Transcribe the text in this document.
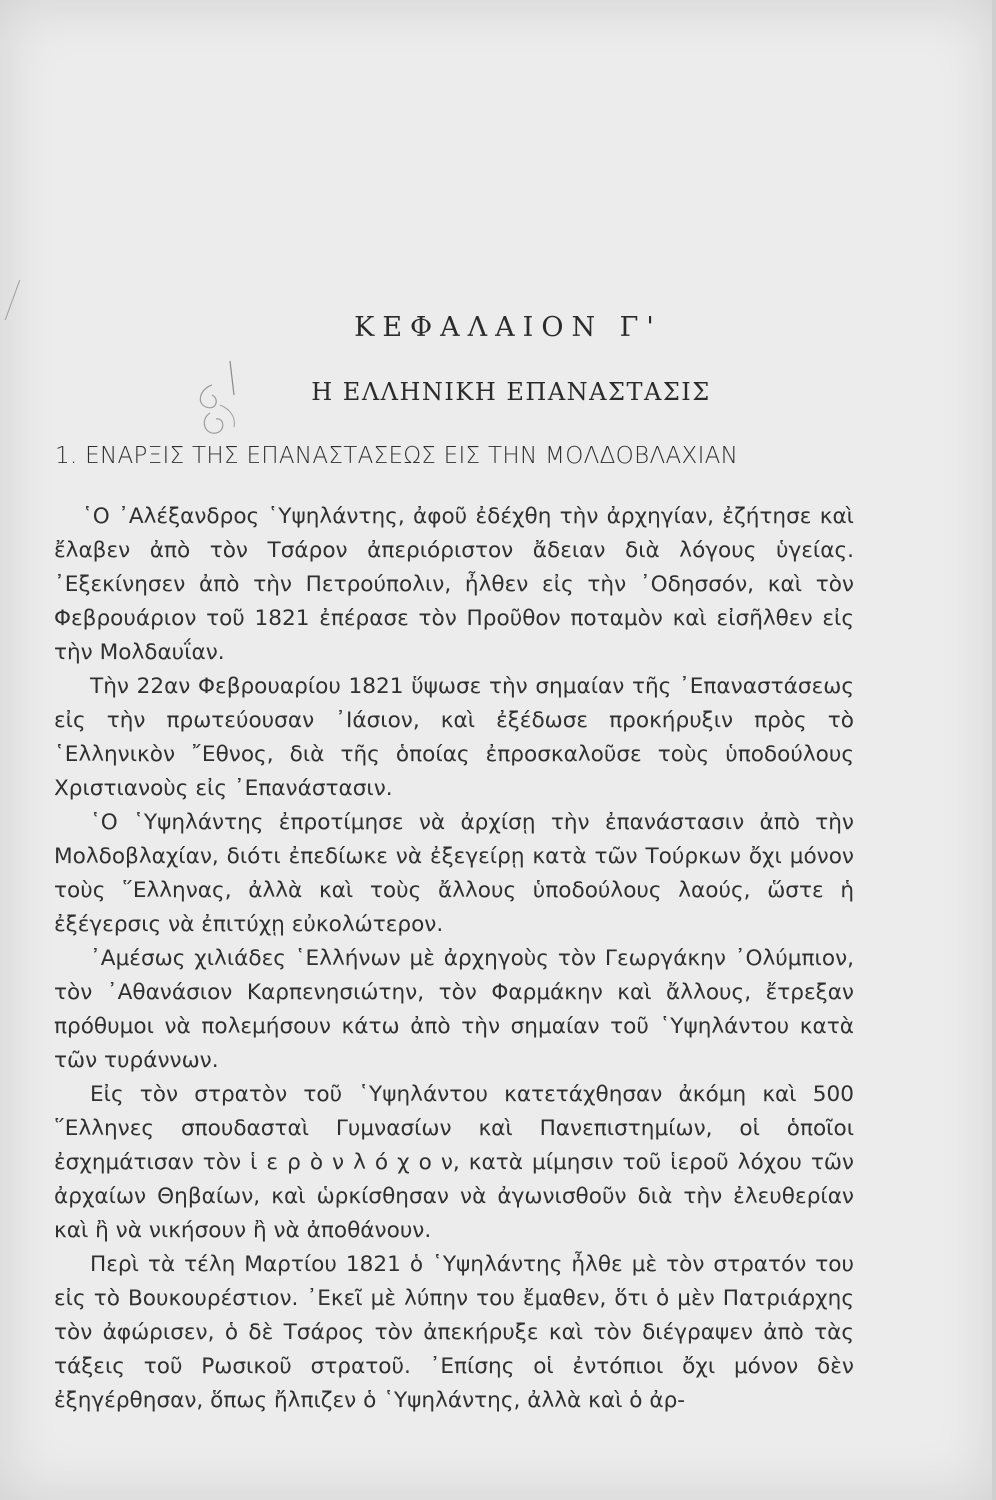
ΚΕΦΑΛΑΙΟΝ Γ'
Η ΕΛΛΗΝΙΚΗ ΕΠΑΝΑΣΤΑΣΙΣ
1. ΕΝΑΡΞΙΣ ΤΗΣ ΕΠΑΝΑΣΤΑΣΕΩΣ ΕΙΣ ΤΗΝ ΜΟΛΔΟΒΛΑΧΙΑΝ

῾Ο ᾿Αλέξανδρος ῾Υψηλάντης, ἀφοῦ ἐδέχθη τὴν ἀρχηγίαν, ἐζήτησε καὶ ἔλαβεν ἀπὸ τὸν Τσάρον ἀπεριόριστον ἄδειαν διὰ λόγους ὑγείας. ᾿Εξεκίνησεν ἀπὸ τὴν Πετρούπολιν, ἦλθεν εἰς τὴν ᾿Οδησσόν, καὶ τὸν Φεβρουάριον τοῦ 1821 ἐπέρασε τὸν Προῦθον ποταμὸν καὶ εἰσῆλθεν εἰς τὴν Μολδαυΐαν.

Τὴν 22αν Φεβρουαρίου 1821 ὕψωσε τὴν σημαίαν τῆς ᾿Επαναστάσεως εἰς τὴν πρωτεύουσαν ᾿Ιάσιον, καὶ ἐξέδωσε προκήρυξιν πρὸς τὸ ῾Ελληνικὸν ῎Εθνος, διὰ τῆς ὁποίας ἐπροσκαλοῦσε τοὺς ὑποδούλους Χριστιανοὺς εἰς ᾿Επανάστασιν.

῾Ο ῾Υψηλάντης ἐπροτίμησε νὰ ἀρχίσῃ τὴν ἐπανάστασιν ἀπὸ τὴν Μολδοβλαχίαν, διότι ἐπεδίωκε νὰ ἐξεγείρῃ κατὰ τῶν Τούρκων ὄχι μόνον τοὺς ῞Ελληνας, ἀλλὰ καὶ τοὺς ἄλλους ὑποδούλους λαούς, ὥστε ἡ ἐξέγερσις νὰ ἐπιτύχῃ εὐκολώτερον.

᾿Αμέσως χιλιάδες ῾Ελλήνων μὲ ἀρχηγοὺς τὸν Γεωργάκην ᾿Ολύμπιον, τὸν ᾿Αθανάσιον Καρπενησιώτην, τὸν Φαρμάκην καὶ ἄλλους, ἔτρεξαν πρόθυμοι νὰ πολεμήσουν κάτω ἀπὸ τὴν σημαίαν τοῦ ῾Υψηλάντου κατὰ τῶν τυράννων.

Εἰς τὸν στρατὸν τοῦ ῾Υψηλάντου κατετάχθησαν ἀκόμη καὶ 500 ῞Ελληνες σπουδασταὶ Γυμνασίων καὶ Πανεπιστημίων, οἱ ὁποῖοι ἐσχημάτισαν τὸν ἱ ε ρ ὸ ν λ ό χ ο ν, κατὰ μίμησιν τοῦ ἱεροῦ λόχου τῶν ἀρχαίων Θηβαίων, καὶ ὡρκίσθησαν νὰ ἀγωνισθοῦν διὰ τὴν ἐλευθερίαν καὶ ἢ νὰ νικήσουν ἢ νὰ ἀποθάνουν.

Περὶ τὰ τέλη Μαρτίου 1821 ὁ ῾Υψηλάντης ἦλθε μὲ τὸν στρατόν του εἰς τὸ Βουκουρέστιον. ᾿Εκεῖ μὲ λύπην του ἔμαθεν, ὅτι ὁ μὲν Πατριάρχης τὸν ἀφώρισεν, ὁ δὲ Τσάρος τὸν ἀπεκήρυξε καὶ τὸν διέγραψεν ἀπὸ τὰς τάξεις τοῦ Ρωσικοῦ στρατοῦ. ᾿Επίσης οἱ ἐντόπιοι ὄχι μόνον δὲν ἐξηγέρθησαν, ὅπως ἤλπιζεν ὁ ῾Υψηλάντης, ἀλλὰ καὶ ὁ ἀρ-
